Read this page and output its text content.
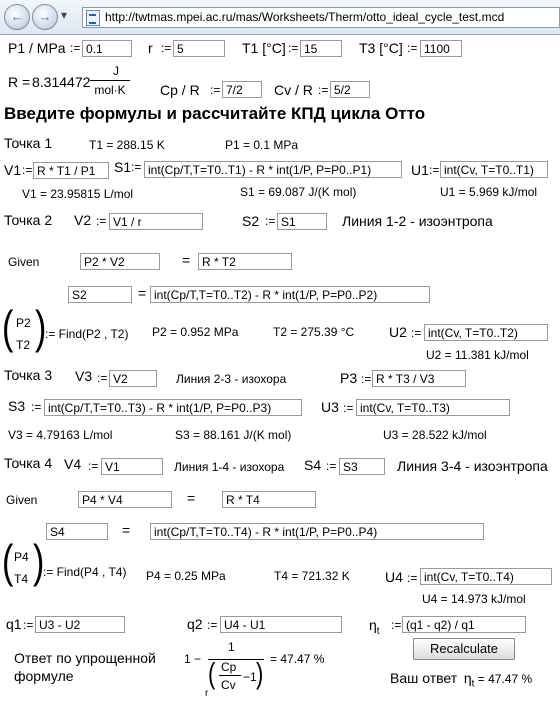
←	→ ▾	http://twtmas.mpei.ac.ru/mas/Worksheets/Therm/otto_ideal_cycle_test.mcd
P1 / MPa := 0.1	r := 5	T1 [°C] := 15	T3 [°C] := 1100
R = 8.314472
J
mol·K	Cp / R := 7/2	Cv / R := 5/2
Введите формулы и рассчитайте КПД цикла Отто
Точка 1	T1 = 288.15 K	P1 = 0.1 MPa
V1 := R * T1 / P1	S1 := int(Cp/T,T=T0..T1) - R * int(1/P, P=P0..P1)	U1 := int(Cv, T=T0..T1)
V1 = 23.95815 L/mol	S1 = 69.087 J/(K mol)	U1 = 5.969 kJ/mol
Точка 2 V2 := V1 / r	S2 := S1	Линия 1-2 - изоэнтропа
Given	P2 * V2	= R * T2
S2	= int(Cp/T,T=T0..T2) - R * int(1/P, P=P0..P2)
( P2
T2 )
:= Find(P2 , T2) P2 = 0.952 MPa	T2 = 275.39 °C U2 := int(Cv, T=T0..T2)
U2 = 11.381 kJ/mol
Точка 3 V3 := V2	Линия 2-3 - изохора	P3 := R * T3 / V3
S3 := int(Cp/T,T=T0..T3) - R * int(1/P, P=P0..P3)	U3 := int(Cv, T=T0..T3)
V3 = 4.79163 L/mol	S3 = 88.161 J/(K mol)	U3 = 28.522 kJ/mol
Точка 4 V4 := V1	Линия 1-4 - изохора S4 := S3	Линия 3-4 - изоэнтропа
Given	P4 * V4	=	R * T4
S4	=	int(Cp/T,T=T0..T4) - R * int(1/P, P=P0..P4)
( P4
T4 )
:= Find(P4 , T4) P4 = 0.25 MPa	T4 = 721.32 K	U4 := int(Cv, T=T0..T4)
U4 = 14.973 kJ/mol
q1 := U3 - U2	q2 := U4 - U1	$\eta_t$ := (q1 - q2) / q1
Ответ по упрощенной
формуле
1 −
1
( Cp
Cv
−1 )
r
= 47.47 %
Recalculate
Ваш ответ $\eta_t = 47.47$ %
